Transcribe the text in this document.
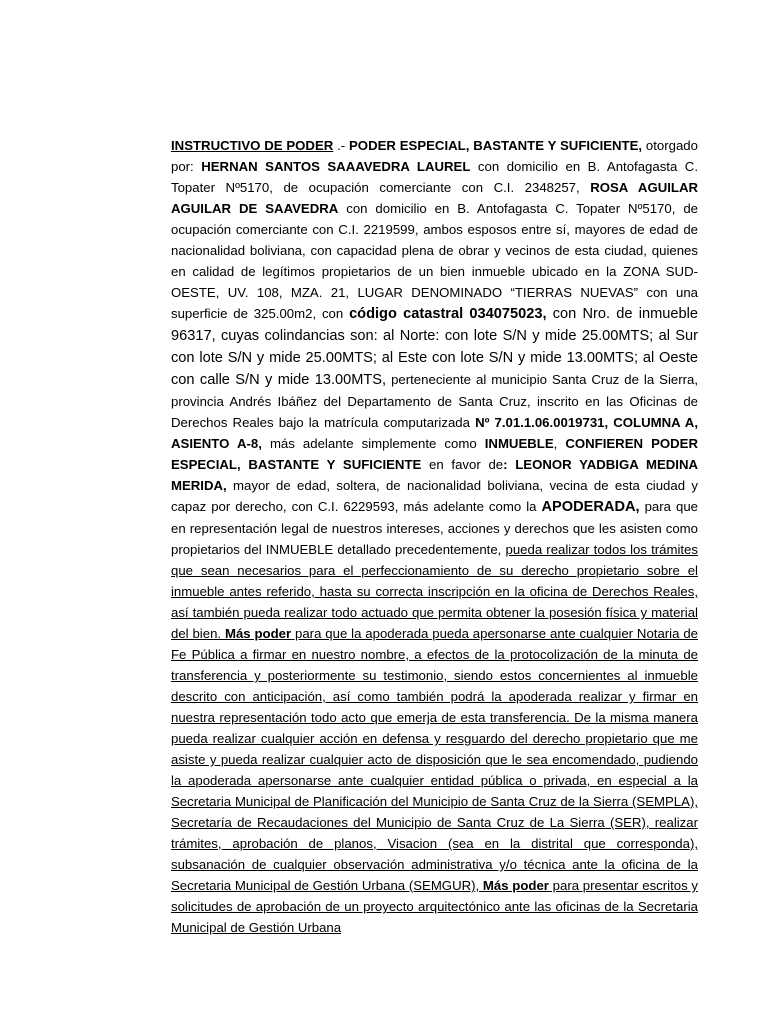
INSTRUCTIVO DE PODER .- PODER ESPECIAL, BASTANTE Y SUFICIENTE, otorgado por: HERNAN SANTOS SAAAVEDRA LAUREL con domicilio en B. Antofagasta C. Topater Nº5170, de ocupación comerciante con C.I. 2348257, ROSA AGUILAR AGUILAR DE SAAVEDRA con domicilio en B. Antofagasta C. Topater Nº5170, de ocupación comerciante con C.I. 2219599, ambos esposos entre sí, mayores de edad de nacionalidad boliviana, con capacidad plena de obrar y vecinos de esta ciudad, quienes en calidad de legítimos propietarios de un bien inmueble ubicado en la ZONA SUD-OESTE, UV. 108, MZA. 21, LUGAR DENOMINADO “TIERRAS NUEVAS” con una superficie de 325.00m2, con código catastral 034075023, con Nro. de inmueble 96317, cuyas colindancias son: al Norte: con lote S/N y mide 25.00MTS; al Sur con lote S/N y mide 25.00MTS; al Este con lote S/N y mide 13.00MTS; al Oeste con calle S/N y mide 13.00MTS, perteneciente al municipio Santa Cruz de la Sierra, provincia Andrés Ibáñez del Departamento de Santa Cruz, inscrito en las Oficinas de Derechos Reales bajo la matrícula computarizada Nº 7.01.1.06.0019731, COLUMNA A, ASIENTO A-8, más adelante simplemente como INMUEBLE, CONFIEREN PODER ESPECIAL, BASTANTE Y SUFICIENTE en favor de: LEONOR YADBIGA MEDINA MERIDA, mayor de edad, soltera, de nacionalidad boliviana, vecina de esta ciudad y capaz por derecho, con C.I. 6229593, más adelante como la APODERADA, para que en representación legal de nuestros intereses, acciones y derechos que les asisten como propietarios del INMUEBLE detallado precedentemente, pueda realizar todos los trámites que sean necesarios para el perfeccionamiento de su derecho propietario sobre el inmueble antes referido, hasta su correcta inscripción en la oficina de Derechos Reales, así también pueda realizar todo actuado que permita obtener la posesión física y material del bien. Más poder para que la apoderada pueda apersonarse ante cualquier Notaria de Fe Pública a firmar en nuestro nombre, a efectos de la protocolización de la minuta de transferencia y posteriormente su testimonio, siendo estos concernientes al inmueble descrito con anticipación, así como también podrá la apoderada realizar y firmar en nuestra representación todo acto que emerja de esta transferencia. De la misma manera pueda realizar cualquier acción en defensa y resguardo del derecho propietario que me asiste y pueda realizar cualquier acto de disposición que le sea encomendado, pudiendo la apoderada apersonarse ante cualquier entidad pública o privada, en especial a la Secretaria Municipal de Planificación del Municipio de Santa Cruz de la Sierra (SEMPLA), Secretaría de Recaudaciones del Municipio de Santa Cruz de La Sierra (SER), realizar trámites, aprobación de planos, Visacion (sea en la distrital que corresponda), subsanación de cualquier observación administrativa y/o técnica ante la oficina de la Secretaria Municipal de Gestión Urbana (SEMGUR), Más poder para presentar escritos y solicitudes de aprobación de un proyecto arquitectónico ante las oficinas de la Secretaria Municipal de Gestión Urbana
